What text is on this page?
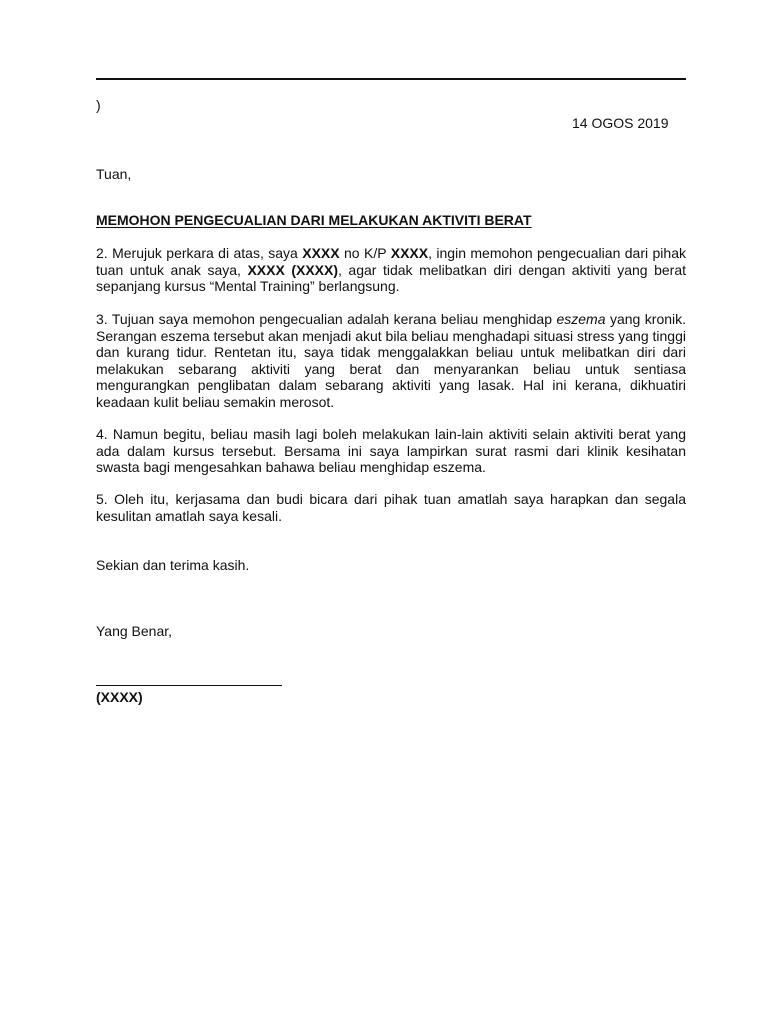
)
14 OGOS 2019
Tuan,
MEMOHON PENGECUALIAN DARI MELAKUKAN AKTIVITI BERAT
2. Merujuk perkara di atas, saya XXXX no K/P XXXX, ingin memohon pengecualian dari pihak tuan untuk anak saya, XXXX (XXXX), agar tidak melibatkan diri dengan aktiviti yang berat sepanjang kursus “Mental Training” berlangsung.
3. Tujuan saya memohon pengecualian adalah kerana beliau menghidap eszema yang kronik. Serangan eszema tersebut akan menjadi akut bila beliau menghadapi situasi stress yang tinggi dan kurang tidur. Rentetan itu, saya tidak menggalakkan beliau untuk melibatkan diri dari melakukan sebarang aktiviti yang berat dan menyarankan beliau untuk sentiasa mengurangkan penglibatan dalam sebarang aktiviti yang lasak. Hal ini kerana, dikhuatiri keadaan kulit beliau semakin merosot.
4. Namun begitu, beliau masih lagi boleh melakukan lain-lain aktiviti selain aktiviti berat yang ada dalam kursus tersebut. Bersama ini saya lampirkan surat rasmi dari klinik kesihatan swasta bagi mengesahkan bahawa beliau menghidap eszema.
5. Oleh itu, kerjasama dan budi bicara dari pihak tuan amatlah saya harapkan dan segala kesulitan amatlah saya kesali.
Sekian dan terima kasih.
Yang Benar,
(XXXX)
